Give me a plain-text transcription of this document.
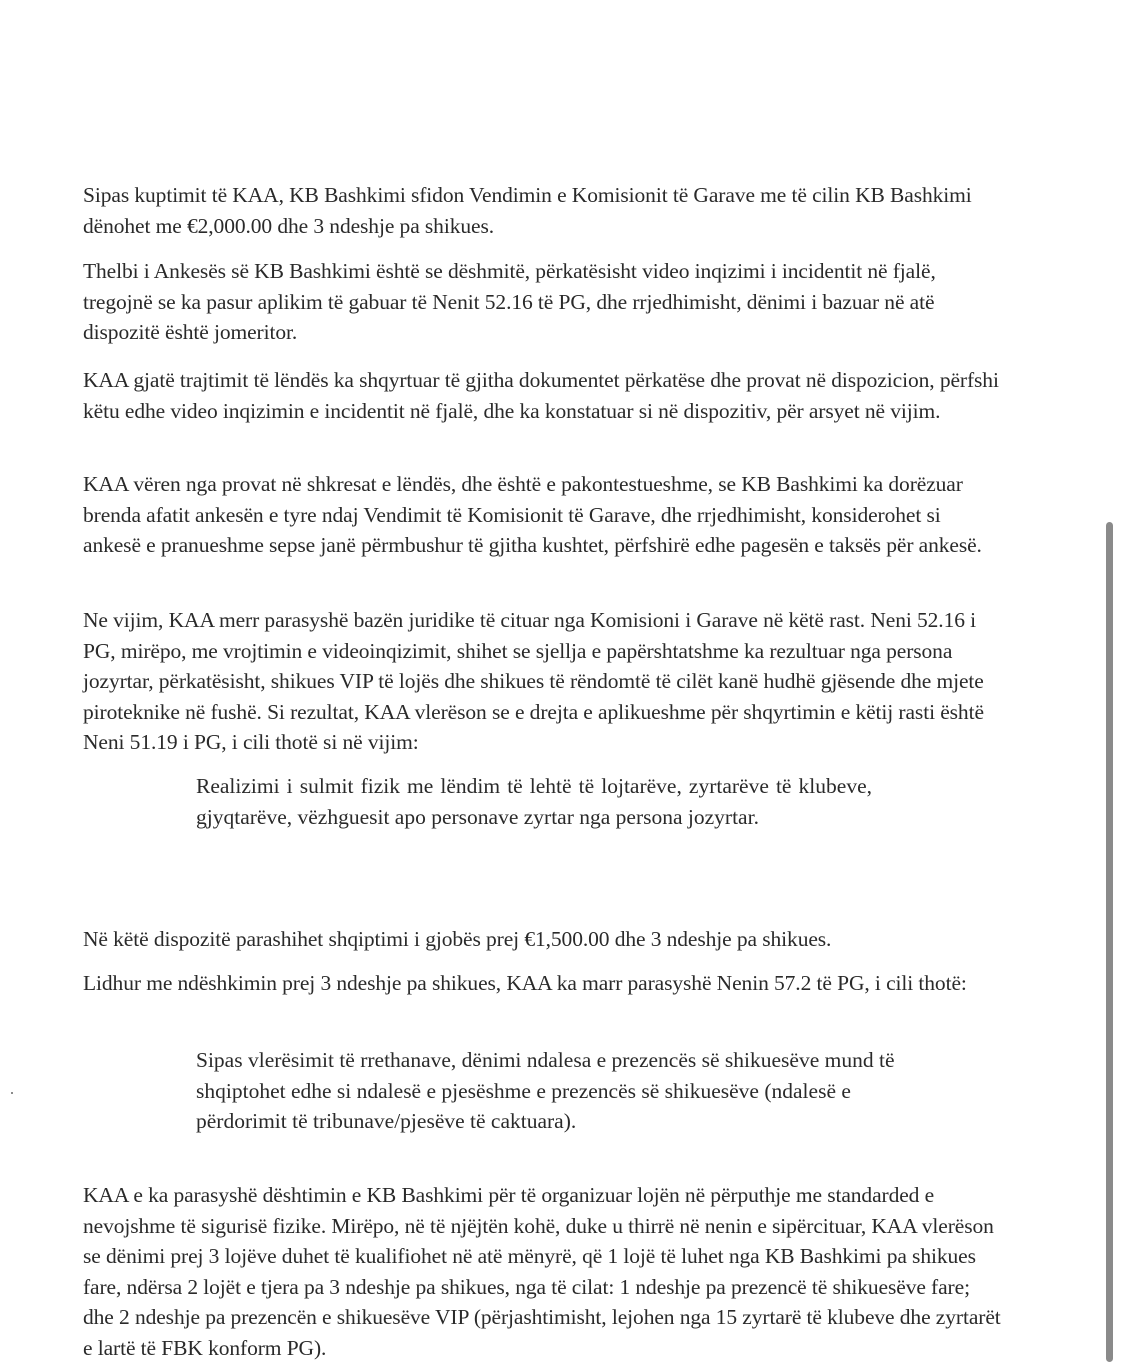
Sipas kuptimit të KAA, KB Bashkimi sfidon Vendimin e Komisionit të Garave me të cilin KB Bashkimi dënohet me €2,000.00 dhe 3 ndeshje pa shikues.

Thelbi i Ankesës së KB Bashkimi është se dëshmitë, përkatësisht video inqizimi i incidentit në fjalë, tregojnë se ka pasur aplikim të gabuar të Nenit 52.16 të PG, dhe rrjedhimisht, dënimi i bazuar në atë dispozitë është jomeritor.

KAA gjatë trajtimit të lëndës ka shqyrtuar të gjitha dokumentet përkatëse dhe provat në dispozicion, përfshi këtu edhe video inqizimin e incidentit në fjalë, dhe ka konstatuar si në dispozitiv, për arsyet në vijim.

KAA vëren nga provat në shkresat e lëndës, dhe është e pakontestueshme, se KB Bashkimi ka dorëzuar brenda afatit ankesën e tyre ndaj Vendimit të Komisionit të Garave, dhe rrjedhimisht, konsiderohet si ankesë e pranueshme sepse janë përmbushur të gjitha kushtet, përfshirë edhe pagesën e taksës për ankesë.

Ne vijim, KAA merr parasyshë bazën juridike të cituar nga Komisioni i Garave në këtë rast. Neni 52.16 i PG, mirëpo, me vrojtimin e videoinqizimit, shihet se sjellja e papërshtatshme ka rezultuar nga persona jozyrtar, përkatësisht, shikues VIP të lojës dhe shikues të rëndomtë të cilët kanë hudhë gjësende dhe mjete piroteknike në fushë. Si rezultat, KAA vlerëson se e drejta e aplikueshme për shqyrtimin e këtij rasti është Neni 51.19 i PG, i cili thotë si në vijim:

Realizimi i sulmit fizik me lëndim të lehtë të lojtarëve, zyrtarëve të klubeve, gjyqtarëve, vëzhguesit apo personave zyrtar nga persona jozyrtar.

Në këtë dispozitë parashihet shqiptimi i gjobës prej €1,500.00 dhe 3 ndeshje pa shikues.

Lidhur me ndëshkimin prej 3 ndeshje pa shikues, KAA ka marr parasyshë Nenin 57.2 të PG, i cili thotë:

Sipas vlerësimit të rrethanave, dënimi ndalesa e prezencës së shikuesëve mund të shqiptohet edhe si ndalesë e pjesëshme e prezencës së shikuesëve (ndalesë e përdorimit të tribunave/pjesëve të caktuara).

KAA e ka parasyshë dështimin e KB Bashkimi për të organizuar lojën në përputhje me standarded e nevojshme të sigurisë fizike. Mirëpo, në të njëjtën kohë, duke u thirrë në nenin e sipërcituar, KAA vlerëson se dënimi prej 3 lojëve duhet të kualifiohet në atë mënyrë, që 1 lojë të luhet nga KB Bashkimi pa shikues fare, ndërsa 2 lojët e tjera pa 3 ndeshje pa shikues, nga të cilat: 1 ndeshje pa prezencë të shikuesëve fare; dhe 2 ndeshje pa prezencën e shikuesëve VIP (përjashtimisht, lejohen nga 15 zyrtarë të klubeve dhe zyrtarët e lartë të FBK konform PG).
